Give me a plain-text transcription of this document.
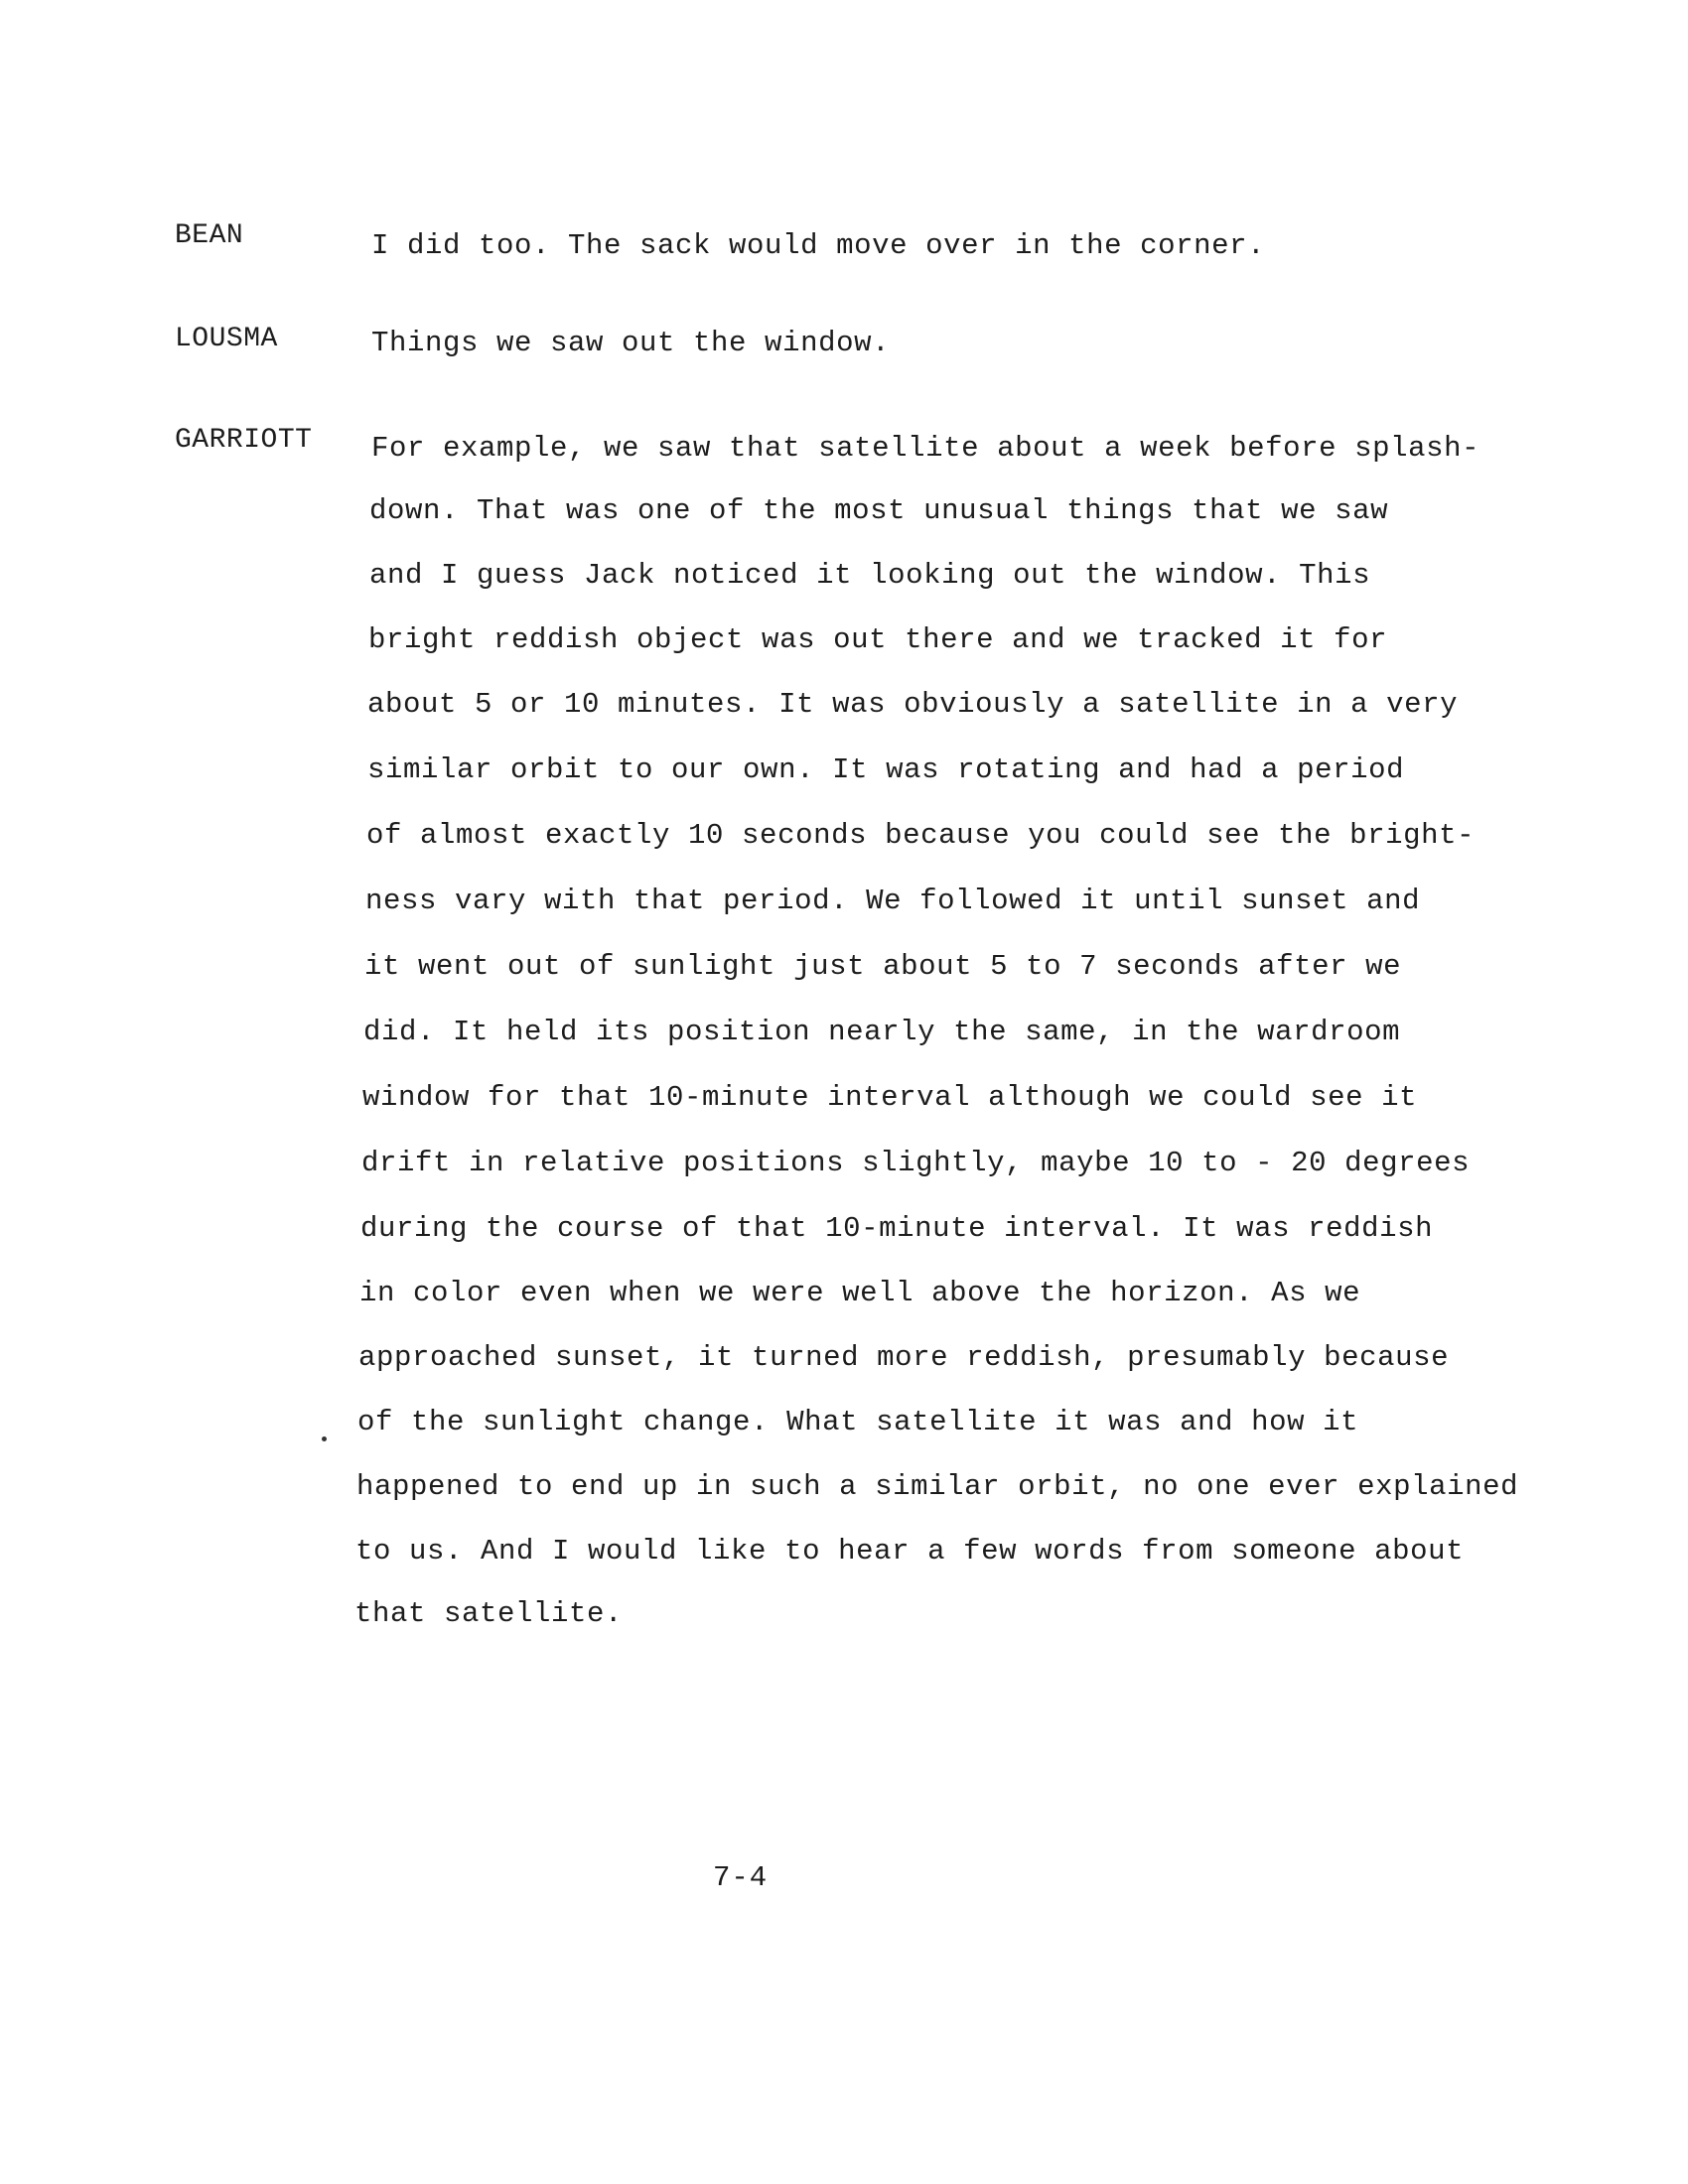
BEAN	I did too. The sack would move over in the corner.
LOUSMA	Things we saw out the window.
GARRIOTT For example, we saw that satellite about a week before splash-
down. That was one of the most unusual things that we saw
and I guess Jack noticed it looking out the window. This
bright reddish object was out there and we tracked it for
about 5 or 10 minutes. It was obviously a satellite in a very
similar orbit to our own. It was rotating and had a period
of almost exactly 10 seconds because you could see the bright-
ness vary with that period. We followed it until sunset and
it went out of sunlight just about 5 to 7 seconds after we
did. It held its position nearly the same, in the wardroom
window for that 10-minute interval although we could see it
drift in relative positions slightly, maybe 10 to - 20 degrees
during the course of that 10-minute interval. It was reddish
in color even when we were well above the horizon. As we
approached sunset, it turned more reddish, presumably because
of the sunlight change. What satellite it was and how it
happened to end up in such a similar orbit, no one ever explained
to us. And I would like to hear a few words from someone about
that satellite.
7-4
